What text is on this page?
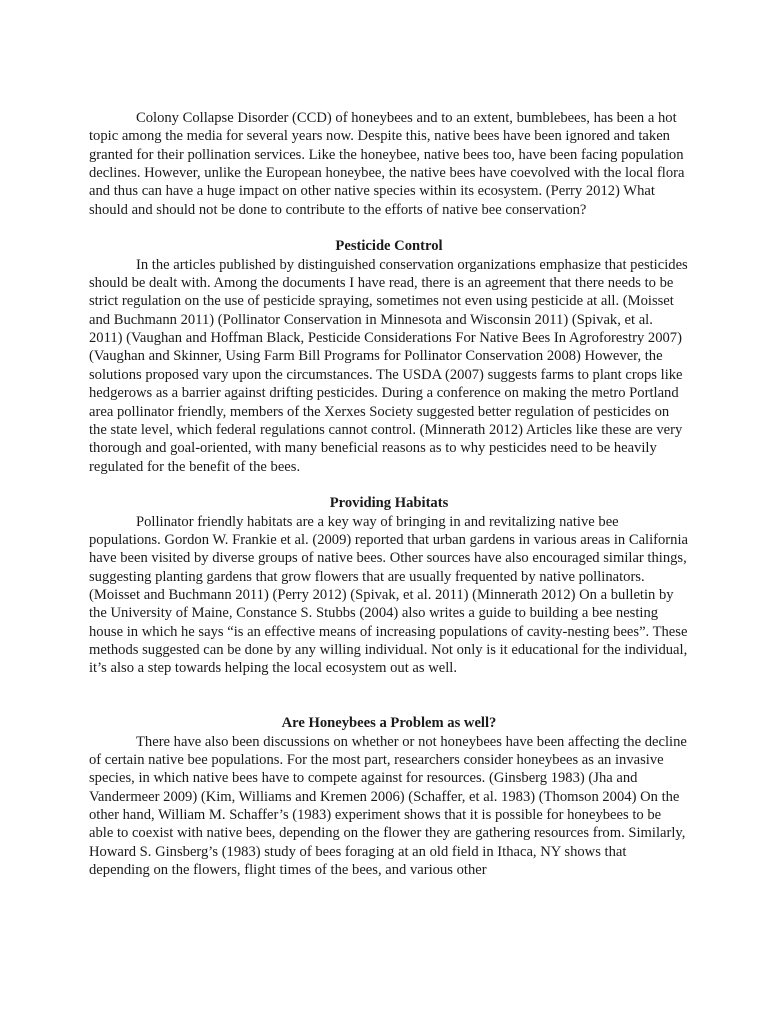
Colony Collapse Disorder (CCD) of honeybees and to an extent, bumblebees, has been a hot topic among the media for several years now. Despite this, native bees have been ignored and taken granted for their pollination services. Like the honeybee, native bees too, have been facing population declines. However, unlike the European honeybee, the native bees have coevolved with the local flora and thus can have a huge impact on other native species within its ecosystem. (Perry 2012) What should and should not be done to contribute to the efforts of native bee conservation?

Pesticide Control

In the articles published by distinguished conservation organizations emphasize that pesticides should be dealt with. Among the documents I have read, there is an agreement that there needs to be strict regulation on the use of pesticide spraying, sometimes not even using pesticide at all. (Moisset and Buchmann 2011) (Pollinator Conservation in Minnesota and Wisconsin 2011) (Spivak, et al. 2011) (Vaughan and Hoffman Black, Pesticide Considerations For Native Bees In Agroforestry 2007) (Vaughan and Skinner, Using Farm Bill Programs for Pollinator Conservation 2008) However, the solutions proposed vary upon the circumstances. The USDA (2007) suggests farms to plant crops like hedgerows as a barrier against drifting pesticides. During a conference on making the metro Portland area pollinator friendly, members of the Xerxes Society suggested better regulation of pesticides on the state level, which federal regulations cannot control. (Minnerath 2012) Articles like these are very thorough and goal-oriented, with many beneficial reasons as to why pesticides need to be heavily regulated for the benefit of the bees.

Providing Habitats

Pollinator friendly habitats are a key way of bringing in and revitalizing native bee populations. Gordon W. Frankie et al. (2009) reported that urban gardens in various areas in California have been visited by diverse groups of native bees. Other sources have also encouraged similar things, suggesting planting gardens that grow flowers that are usually frequented by native pollinators. (Moisset and Buchmann 2011) (Perry 2012) (Spivak, et al. 2011) (Minnerath 2012) On a bulletin by the University of Maine, Constance S. Stubbs (2004) also writes a guide to building a bee nesting house in which he says “is an effective means of increasing populations of cavity-nesting bees”. These methods suggested can be done by any willing individual. Not only is it educational for the individual, it’s also a step towards helping the local ecosystem out as well.

Are Honeybees a Problem as well?

There have also been discussions on whether or not honeybees have been affecting the decline of certain native bee populations. For the most part, researchers consider honeybees as an invasive species, in which native bees have to compete against for resources. (Ginsberg 1983) (Jha and Vandermeer 2009) (Kim, Williams and Kremen 2006) (Schaffer, et al. 1983) (Thomson 2004) On the other hand, William M. Schaffer’s (1983) experiment shows that it is possible for honeybees to be able to coexist with native bees, depending on the flower they are gathering resources from. Similarly, Howard S. Ginsberg’s (1983) study of bees foraging at an old field in Ithaca, NY shows that depending on the flowers, flight times of the bees, and various other
